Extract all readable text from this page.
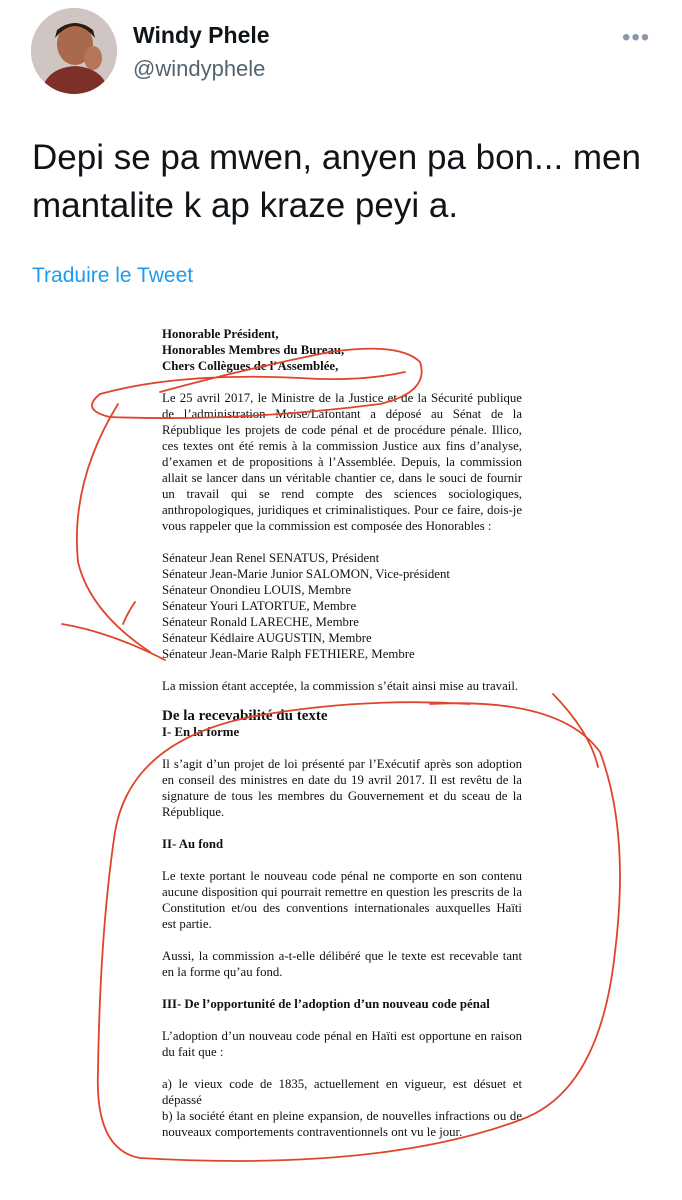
Windy Phele
@windyphele
•••
Depi se pa mwen, anyen pa bon... men
mantalite k ap kraze peyi a.
Traduire le Tweet

Honorable Président,

Honorables Membres du Bureau,

Chers Collègues de l’Assemblée,

Le 25 avril 2017, le Ministre de la Justice et de la Sécurité publique de l’administration Moise/Lafontant a déposé au Sénat de la République les projets de code pénal et de procédure pénale. Illico, ces textes ont été remis à la commission Justice aux fins d’analyse, d’examen et de propositions à l’Assemblée. Depuis, la commission allait se lancer dans un véritable chantier ce, dans le souci de fournir un travail qui se rend compte des sciences sociologiques, anthropologiques, juridiques et criminalistiques. Pour ce faire, dois-je vous rappeler que la commission est composée des Honorables :

Sénateur Jean Renel SENATUS, Président

Sénateur Jean-Marie Junior SALOMON, Vice-président

Sénateur Onondieu LOUIS, Membre

Sénateur Youri LATORTUE, Membre

Sénateur Ronald LARECHE, Membre

Sénateur Kédlaire AUGUSTIN, Membre

Sénateur Jean-Marie Ralph FETHIERE, Membre

La mission étant acceptée, la commission s’était ainsi mise au travail.

De la recevabilité du texte

I- En la forme

Il s’agit d’un projet de loi présenté par l’Exécutif après son adoption en conseil des ministres en date du 19 avril 2017. Il est revêtu de la signature de tous les membres du Gouvernement et du sceau de la République.

II- Au fond

Le texte portant le nouveau code pénal ne comporte en son contenu aucune disposition qui pourrait remettre en question les prescrits de la Constitution et/ou des conventions internationales auxquelles Haïti est partie.

Aussi, la commission a-t-elle délibéré que le texte est recevable tant en la forme qu’au fond.

III- De l’opportunité de l’adoption d’un nouveau code pénal

L’adoption d’un nouveau code pénal en Haïti est opportune en raison du fait que :

a) le vieux code de 1835, actuellement en vigueur, est désuet et dépassé

b) la société étant en pleine expansion, de nouvelles infractions ou de nouveaux comportements contraventionnels ont vu le jour.
